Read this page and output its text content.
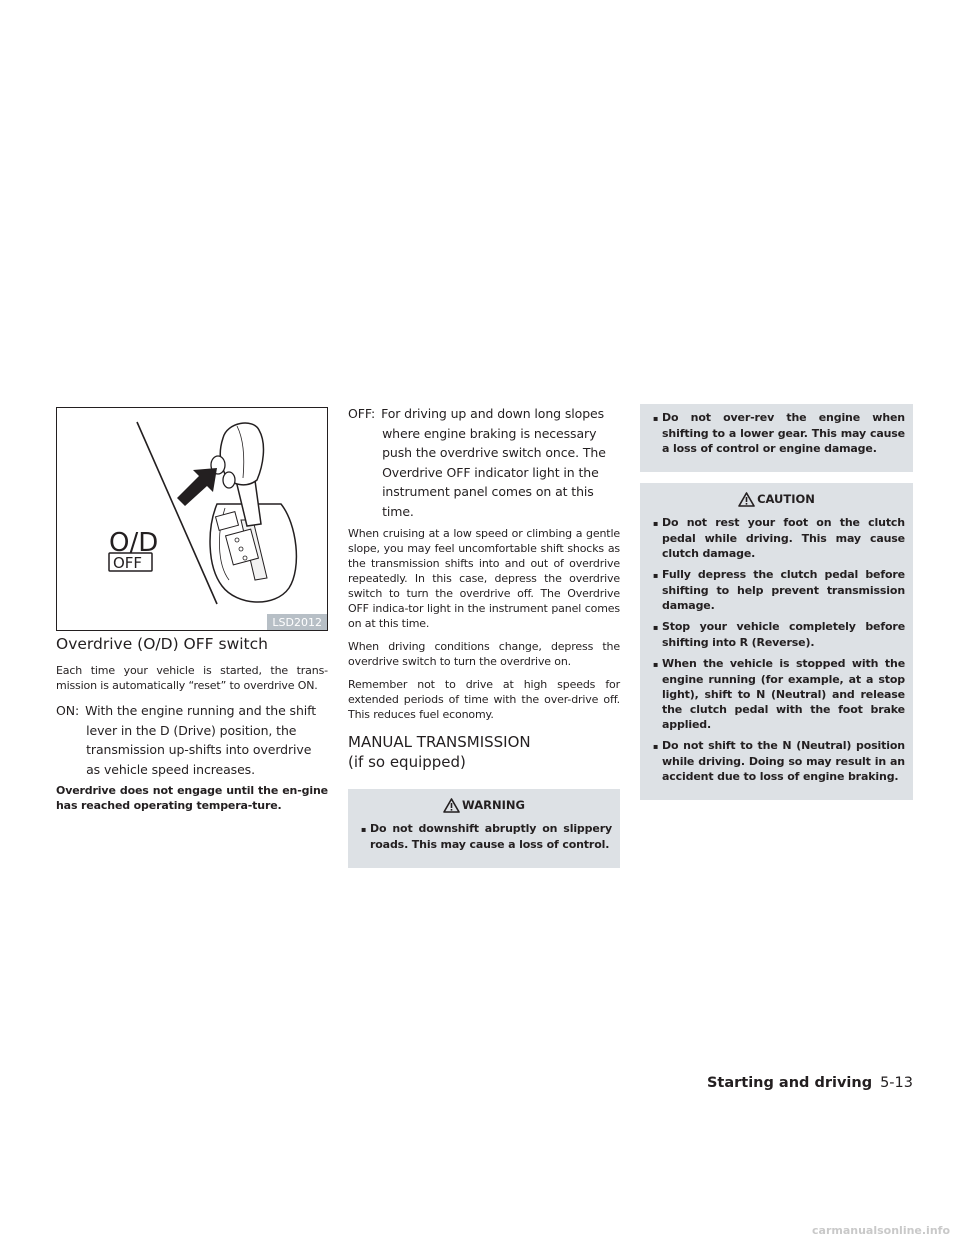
O/D
OFF
LSD2012
Overdrive (O/D) OFF switch

Each time your vehicle is started, the trans-mission is automatically “reset” to overdrive ON.

ON: With the engine running and the shift lever in the D (Drive) position, the transmission up-shifts into overdrive as vehicle speed increases.

Overdrive does not engage until the en-gine has reached operating tempera-ture.

OFF: For driving up and down long slopes where engine braking is necessary push the overdrive switch once. The Overdrive OFF indicator light in the instrument panel comes on at this time.

When cruising at a low speed or climbing a gentle slope, you may feel uncomfortable shift shocks as the transmission shifts into and out of overdrive repeatedly. In this case, depress the overdrive switch to turn the overdrive off. The Overdrive OFF indica-tor light in the instrument panel comes on at this time.

When driving conditions change, depress the overdrive switch to turn the overdrive on.

Remember not to drive at high speeds for extended periods of time with the over-drive off. This reduces fuel economy.

MANUAL TRANSMISSION
(if so equipped)
WARNING
▪ Do not downshift abruptly on slippery roads. This may cause a loss of control.
▪ Do not over-rev the engine when shifting to a lower gear. This may cause a loss of control or engine damage.
CAUTION
▪ Do not rest your foot on the clutch pedal while driving. This may cause clutch damage.
▪ Fully depress the clutch pedal before shifting to help prevent transmission damage.
▪ Stop your vehicle completely before shifting into R (Reverse).
▪ When the vehicle is stopped with the engine running (for example, at a stop light), shift to N (Neutral) and release the clutch pedal with the foot brake applied.
▪ Do not shift to the N (Neutral) position while driving. Doing so may result in an accident due to loss of engine braking.
Starting and driving 5-13
carmanualsonline.info
